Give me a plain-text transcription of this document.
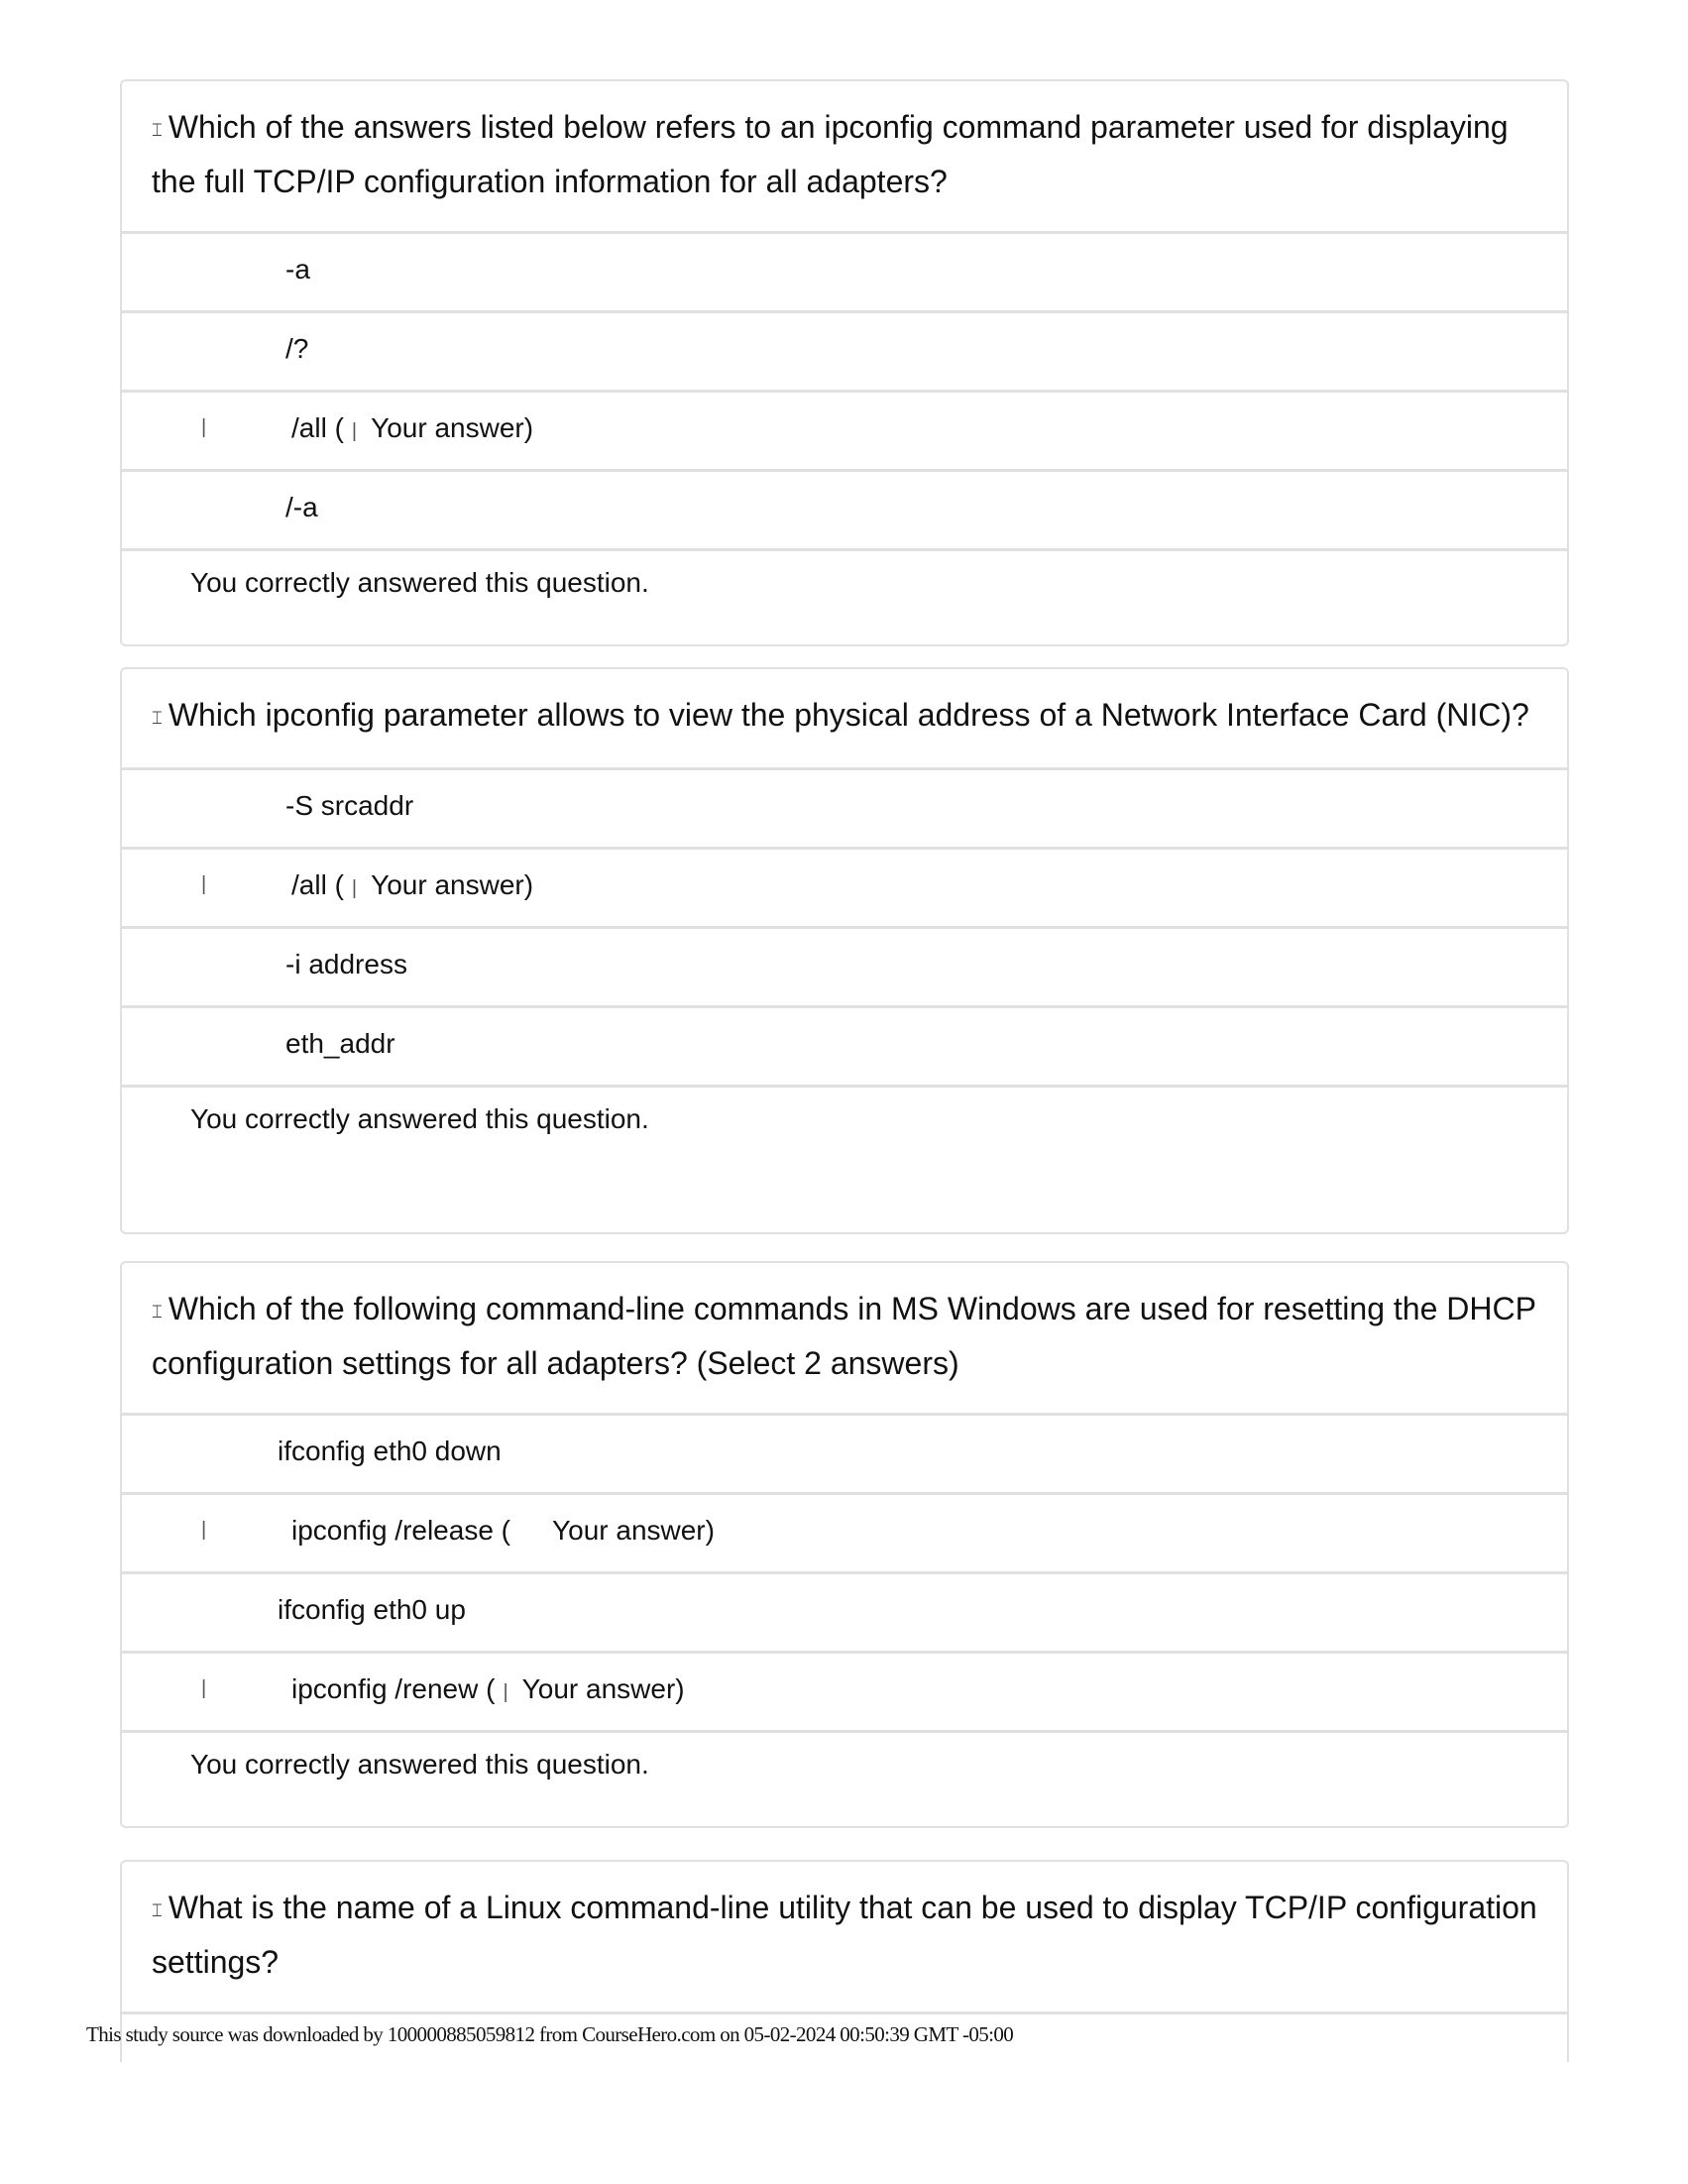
⌶ Which of the answers listed below refers to an ipconfig command parameter used for displaying the full TCP/IP configuration information for all adapters?
-a
/?
|	/all ( | Your answer)
/-a
You correctly answered this question.
⌶ Which ipconfig parameter allows to view the physical address of a Network Interface Card (NIC)?
-S srcaddr
|	/all ( | Your answer)
-i address
eth_addr
You correctly answered this question.
⌶ Which of the following command-line commands in MS Windows are used for resetting the DHCP configuration settings for all adapters? (Select 2 answers)
ifconfig eth0 down
|	ipconfig /release ( Your answer)
ifconfig eth0 up
|	ipconfig /renew ( | Your answer)
You correctly answered this question.
⌶ What is the name of a Linux command-line utility that can be used to display TCP/IP configuration settings?
This study source was downloaded by 100000885059812 from CourseHero.com on 05-02-2024 00:50:39 GMT -05:00
